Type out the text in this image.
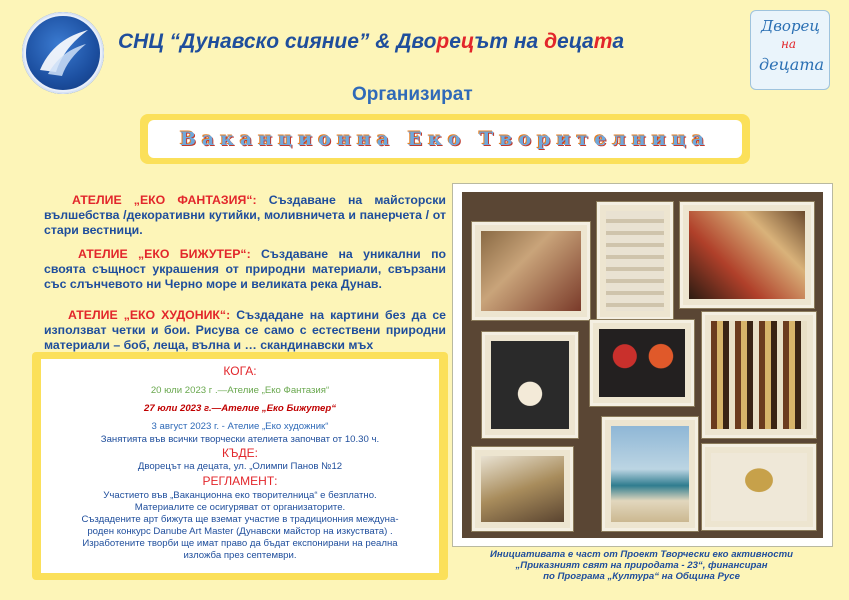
СНЦ “Дунавско сияние” & Дворецът на децата
Дворец
на
децата
Организират
Ваканционна Еко Творителница
АТЕЛИЕ „ЕКО ФАНТАЗИЯ“: Създаване на майсторски вълшебства /декоративни кутийки, моливничета и панерчета / от стари вестници.
АТЕЛИЕ „ЕКО БИЖУТЕР“: Създаване на уникални по своята същност украшения от природни материали, свързани със слънчевото ни Черно море и великата река Дунав.
АТЕЛИЕ „ЕКО ХУДОНИК“: Създадане на картини без да се използват четки и бои. Рисува се само с естествени природни материали – боб, леща, вълна и … скандинавски мъх
КОГА:
20 юли 2023 г .—Ателие „Еко Фантазия“
27 юли 2023 г.—Ателие „Еко Бижутер“
3 август 2023 г. - Ателие „Еко художник“
Занятията във всички творчески ателиета започват от 10.30 ч.
КЪДЕ:
Дворецът на децата, ул. „Олимпи Панов №12
РЕГЛАМЕНТ:
Участието във „Ваканционна еко творителница“ е безплатно.
Материалите се осигуряват от организаторите.
Създадените арт бижута ще вземат участие в традиционния междуна-
роден конкурс Danube Art Master (Дунавски майстор на изкуствата) .
Изработените творби ще имат право да бъдат експонирани на реална
изложба през септември.	Инициативата е част от Проект Творчески еко активности
„Приказният свят на природата - 23“, финансиран
по Програма „Култура“ на Община Русе
